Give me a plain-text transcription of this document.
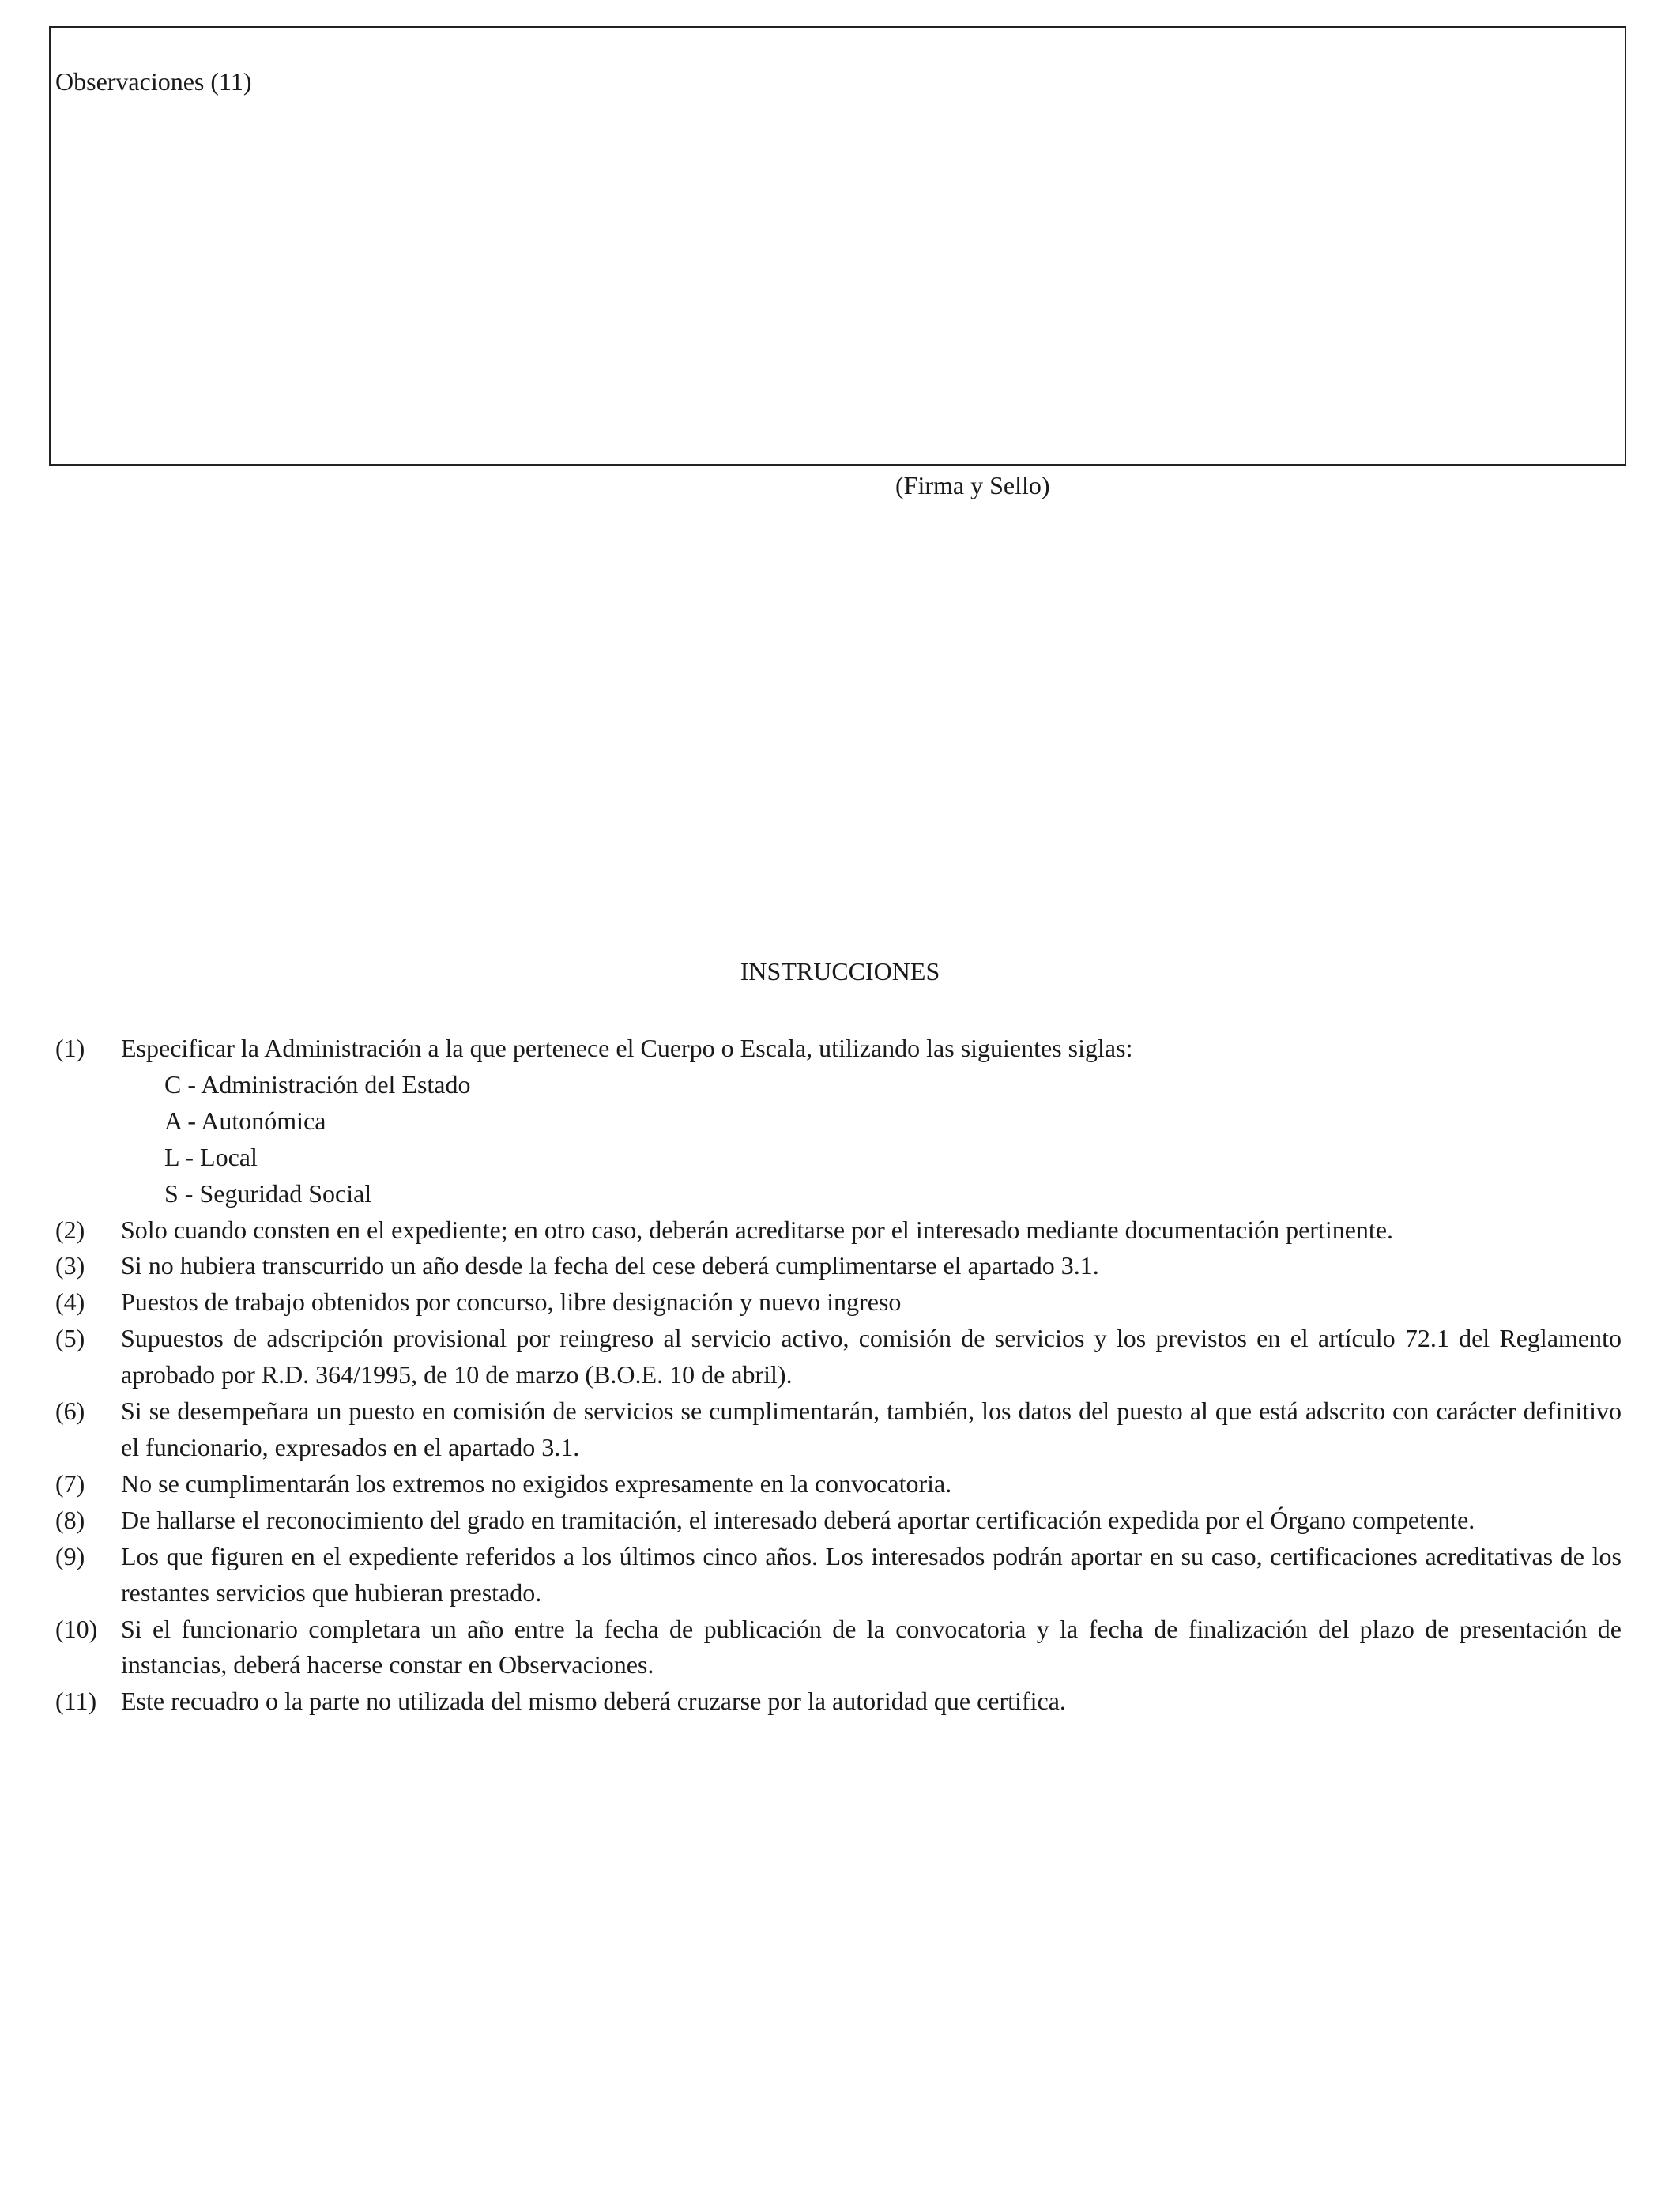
Observaciones (11)
(Firma y Sello)
INSTRUCCIONES
(1) Especificar la Administración a la que pertenece el Cuerpo o Escala, utilizando las siguientes siglas:
C - Administración del Estado
A - Autonómica
L - Local
S - Seguridad Social
(2) Solo cuando consten en el expediente; en otro caso, deberán acreditarse por el interesado mediante documentación pertinente.
(3) Si no hubiera transcurrido un año desde la fecha del cese deberá cumplimentarse el apartado 3.1.
(4) Puestos de trabajo obtenidos por concurso, libre designación y nuevo ingreso
(5) Supuestos de adscripción provisional por reingreso al servicio activo, comisión de servicios y los previstos en el artículo 72.1 del Reglamento aprobado por R.D. 364/1995, de 10 de marzo (B.O.E. 10 de abril).
(6) Si se desempeñara un puesto en comisión de servicios se cumplimentarán, también, los datos del puesto al que está adscrito con carácter definitivo el funcionario, expresados en el apartado 3.1.
(7) No se cumplimentarán los extremos no exigidos expresamente en la convocatoria.
(8) De hallarse el reconocimiento del grado en tramitación, el interesado deberá aportar certificación expedida por el Órgano competente.
(9) Los que figuren en el expediente referidos a los últimos cinco años. Los interesados podrán aportar en su caso, certificaciones acreditativas de los restantes servicios que hubieran prestado.
(10) Si el funcionario completara un año entre la fecha de publicación de la convocatoria y la fecha de finalización del plazo de presentación de instancias, deberá hacerse constar en Observaciones.
(11) Este recuadro o la parte no utilizada del mismo deberá cruzarse por la autoridad que certifica.
